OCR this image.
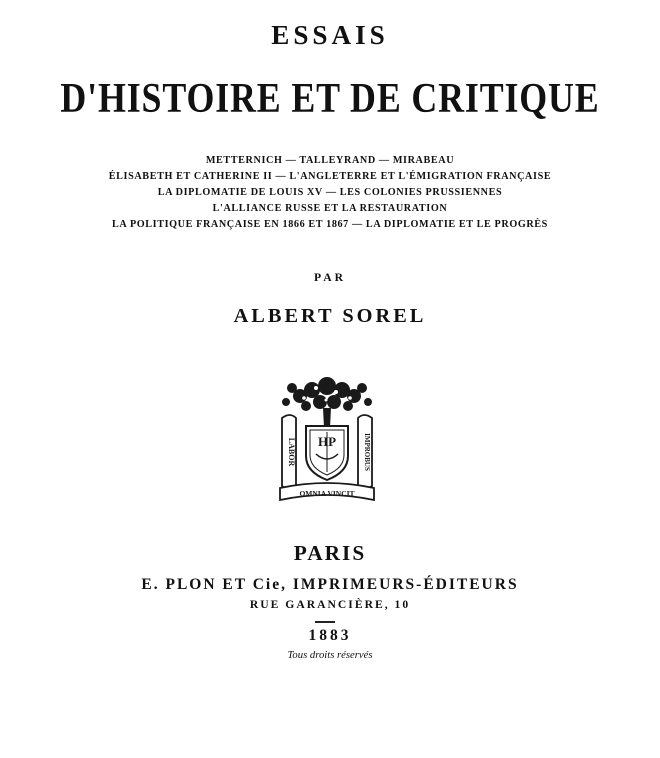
ESSAIS
D'HISTOIRE ET DE CRITIQUE
METTERNICH — TALLEYRAND — MIRABEAU
ÉLISABETH ET CATHERINE II — L'ANGLETERRE ET L'ÉMIGRATION FRANÇAISE
LA DIPLOMATIE DE LOUIS XV — LES COLONIES PRUSSIENNES
L'ALLIANCE RUSSE ET LA RESTAURATION
LA POLITIQUE FRANÇAISE EN 1866 ET 1867 — LA DIPLOMATIE ET LE PROGRÈS
PAR
ALBERT SOREL
HP
LABOR	IMPROBUS
OMNIA VINCIT
PARIS
E. PLON ET Cie, IMPRIMEURS-ÉDITEURS
RUE GARANCIÈRE, 10
1883
Tous droits réservés
